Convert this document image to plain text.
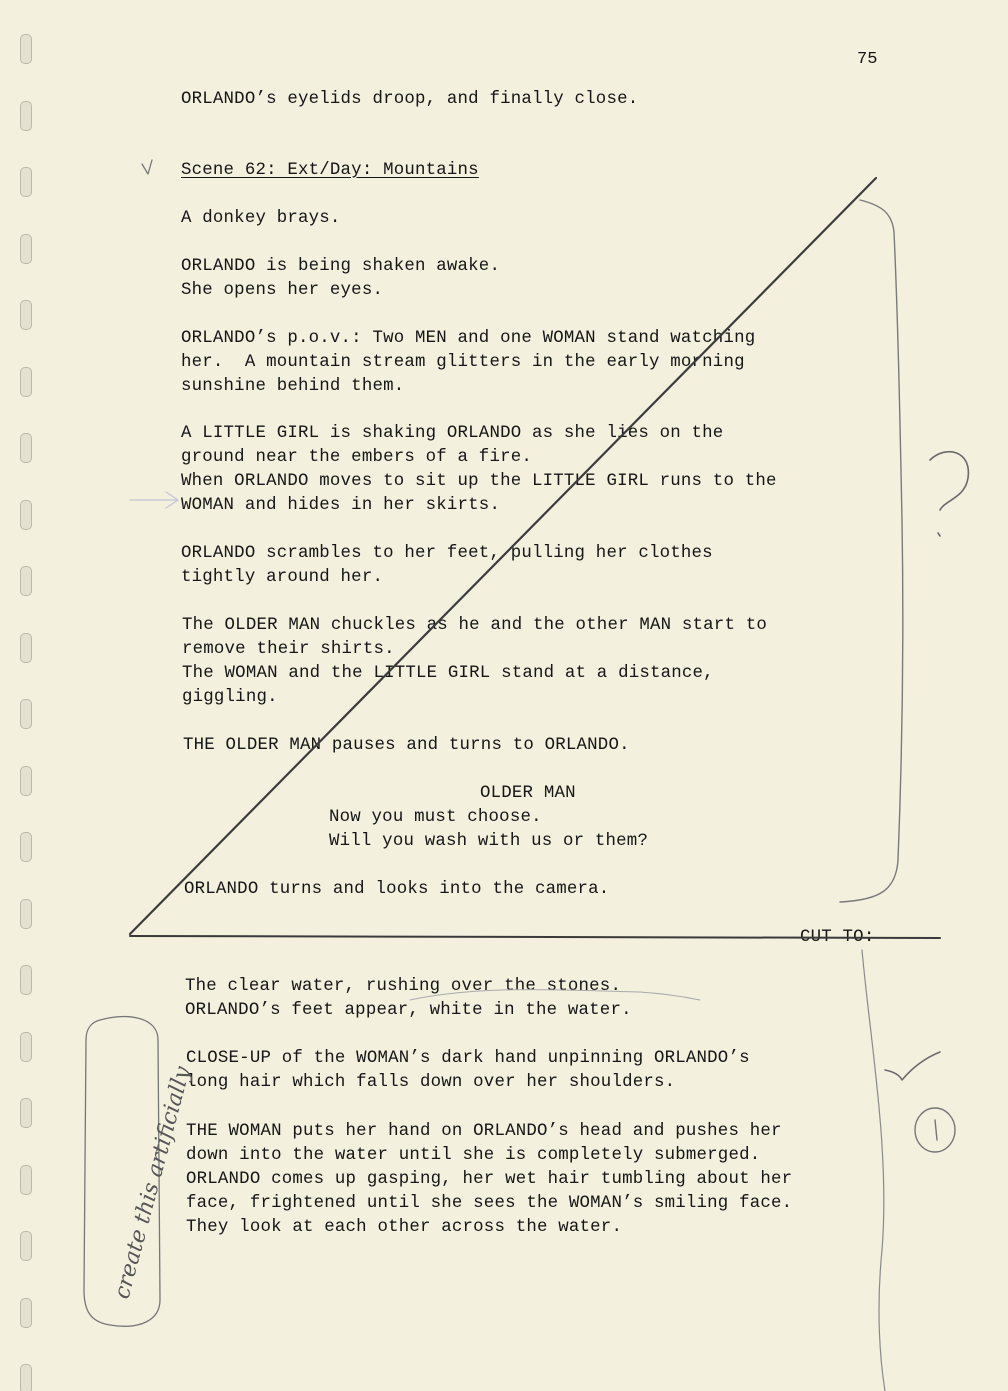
75
ORLANDO’s eyelids droop, and finally close.
Scene 62: Ext/Day: Mountains
A donkey brays.
ORLANDO is being shaken awake.
She opens her eyes.
ORLANDO’s p.o.v.: Two MEN and one WOMAN stand watching
her.  A mountain stream glitters in the early morning
sunshine behind them.
A LITTLE GIRL is shaking ORLANDO as she lies on the
ground near the embers of a fire.
When ORLANDO moves to sit up the LITTLE GIRL runs to the
WOMAN and hides in her skirts.
ORLANDO scrambles to her feet, pulling her clothes
tightly around her.
The OLDER MAN chuckles as he and the other MAN start to
remove their shirts.
The WOMAN and the LITTLE GIRL stand at a distance,
giggling.
THE OLDER MAN pauses and turns to ORLANDO.
OLDER MAN
Now you must choose.
Will you wash with us or them?
ORLANDO turns and looks into the camera.
CUT TO:
The clear water, rushing over the stones.
ORLANDO’s feet appear, white in the water.
CLOSE-UP of the WOMAN’s dark hand unpinning ORLANDO’s
long hair which falls down over her shoulders.
THE WOMAN puts her hand on ORLANDO’s head and pushes her
down into the water until she is completely submerged.
ORLANDO comes up gasping, her wet hair tumbling about her
face, frightened until she sees the WOMAN’s smiling face.
They look at each other across the water.
create this artificially
